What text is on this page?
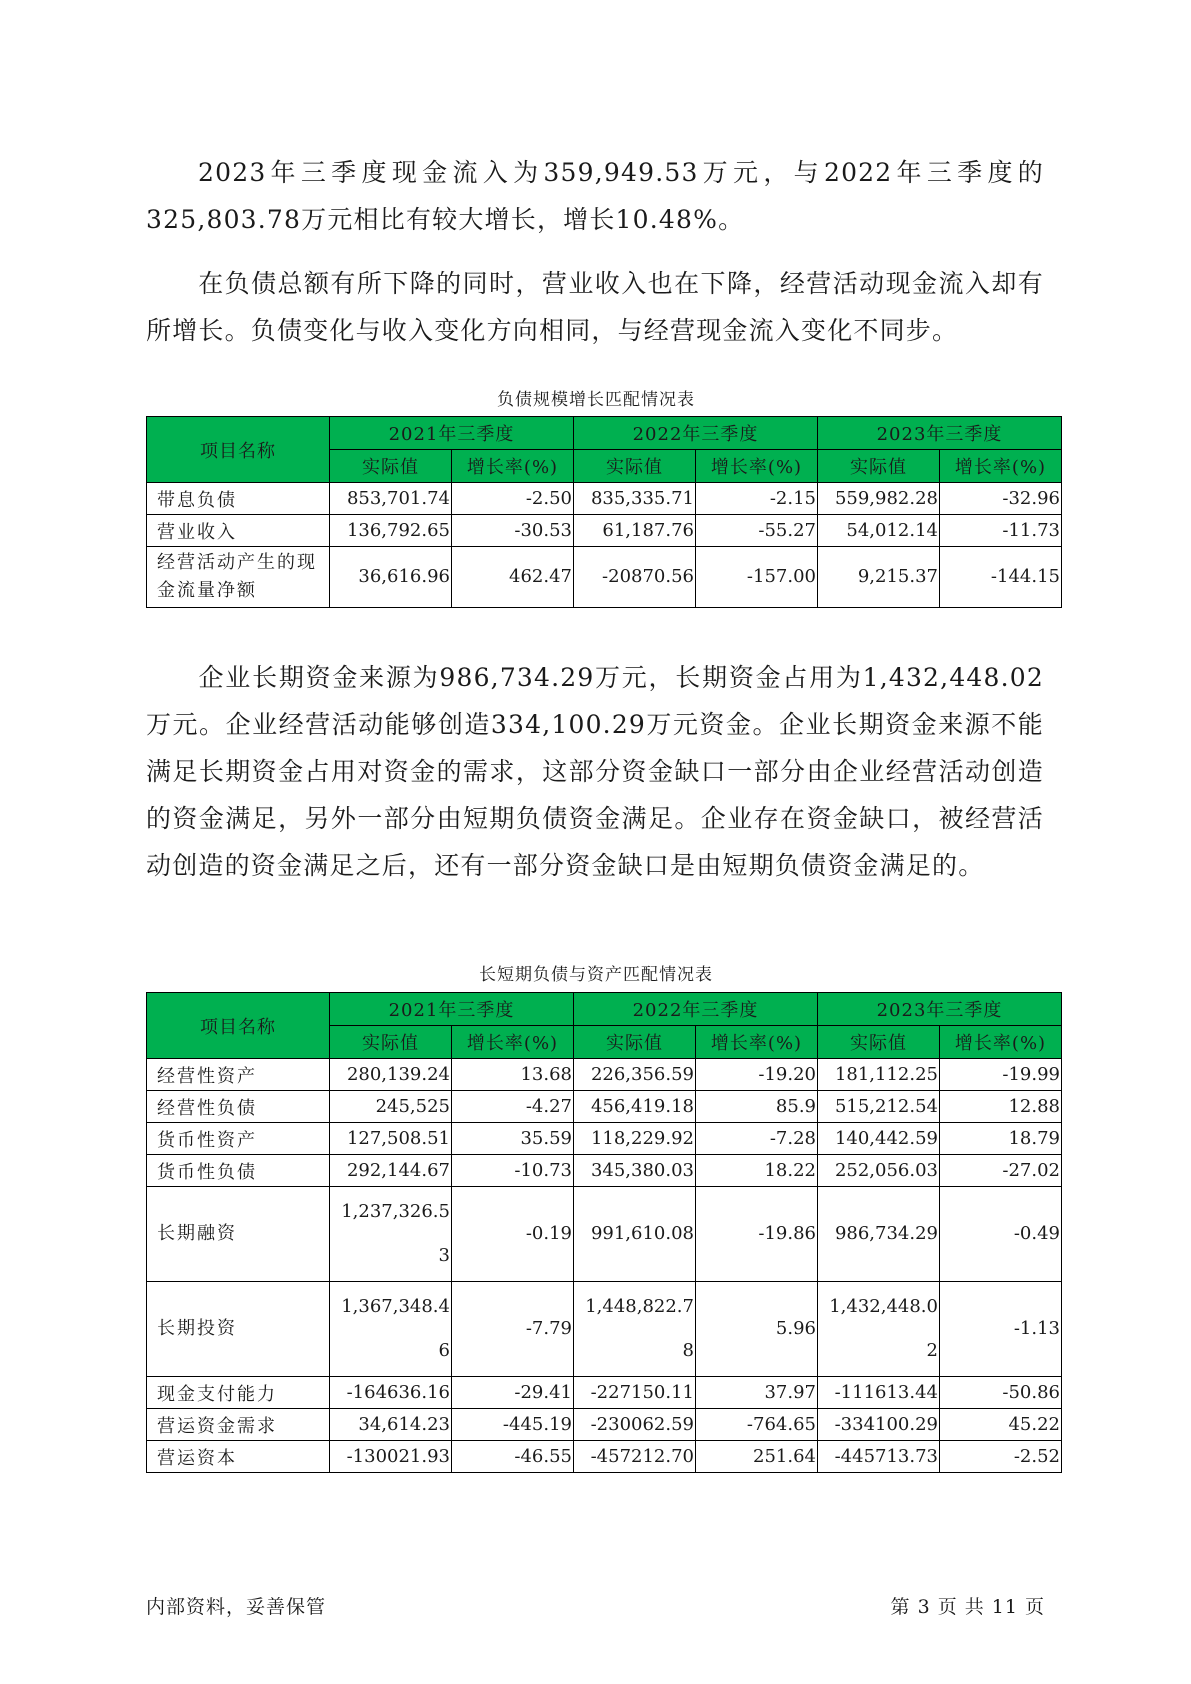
2023年三季度现金流入为359,949.53万元，与2022年三季度的325,803.78万元相比有较大增长，增长10.48%。

在负债总额有所下降的同时，营业收入也在下降，经营活动现金流入却有所增长。负债变化与收入变化方向相同，与经营现金流入变化不同步。

负债规模增长匹配情况表
项目名称	2021年三季度		2022年三季度		2023年三季度	
	实际值	增长率(%)	实际值	增长率(%)	实际值	增长率(%)
带息负债	853,701.74	-2.50	835,335.71	-2.15	559,982.28	-32.96
营业收入	136,792.65	-30.53	61,187.76	-55.27	54,012.14	-11.73
经营活动产生的现金流量净额	36,616.96	462.47	-20870.56	-157.00	9,215.37	-144.15

企业长期资金来源为986,734.29万元，长期资金占用为1,432,448.02万元。企业经营活动能够创造334,100.29万元资金。企业长期资金来源不能满足长期资金占用对资金的需求，这部分资金缺口一部分由企业经营活动创造的资金满足，另外一部分由短期负债资金满足。企业存在资金缺口，被经营活动创造的资金满足之后，还有一部分资金缺口是由短期负债资金满足的。

长短期负债与资产匹配情况表
项目名称	2021年三季度		2022年三季度		2023年三季度	
	实际值	增长率(%)	实际值	增长率(%)	实际值	增长率(%)
经营性资产	280,139.24	13.68	226,356.59	-19.20	181,112.25	-19.99
经营性负债	245,525	-4.27	456,419.18	85.9	515,212.54	12.88
货币性资产	127,508.51	35.59	118,229.92	-7.28	140,442.59	18.79
货币性负债	292,144.67	-10.73	345,380.03	18.22	252,056.03	-27.02
长期融资	1,237,326.53	-0.19	991,610.08	-19.86	986,734.29	-0.49
长期投资	1,367,348.46	-7.79	1,448,822.78	5.96	1,432,448.02	-1.13
现金支付能力	-164636.16	-29.41	-227150.11	37.97	-111613.44	-50.86
营运资金需求	34,614.23	-445.19	-230062.59	-764.65	-334100.29	45.22
营运资本	-130021.93	-46.55	-457212.70	251.64	-445713.73	-2.52
内部资料，妥善保管	第 3 页 共 11 页
